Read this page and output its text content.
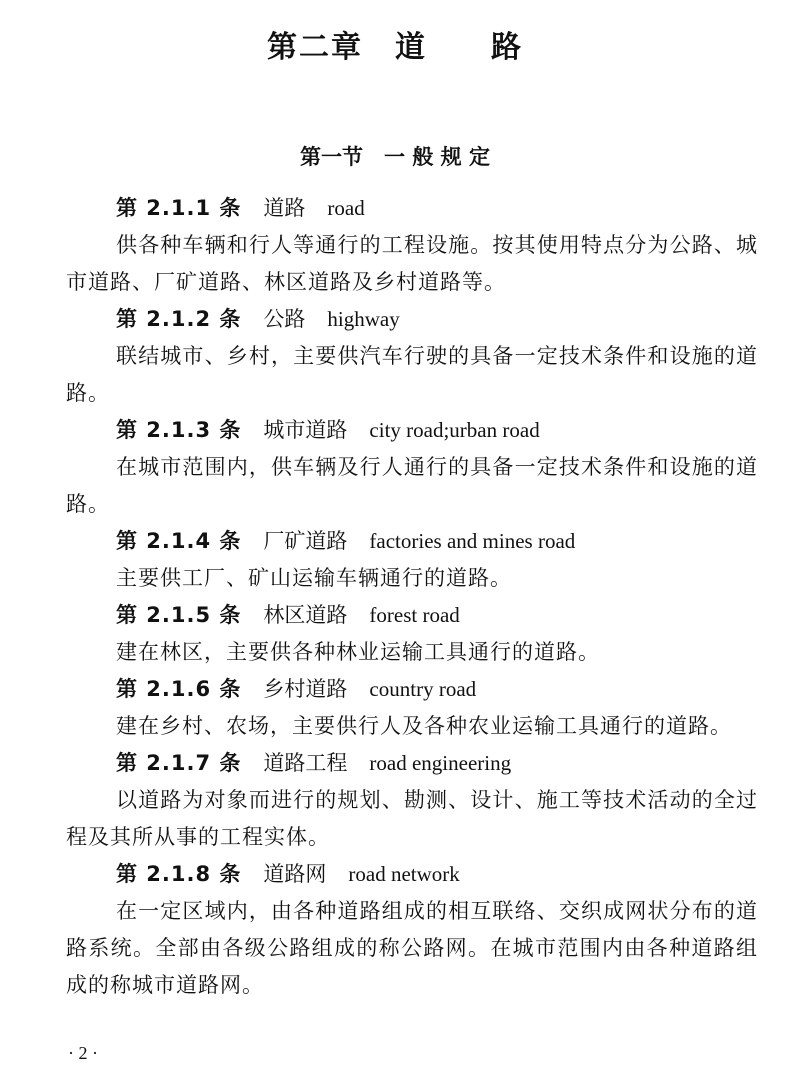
第二章　道　　路
第一节　一 般 规 定
第 2.1.1 条 道路 road

供各种车辆和行人等通行的工程设施。按其使用特点分为公路、城市道路、厂矿道路、林区道路及乡村道路等。

第 2.1.2 条 公路 highway

联结城市、乡村，主要供汽车行驶的具备一定技术条件和设施的道路。

第 2.1.3 条 城市道路 city road;urban road

在城市范围内，供车辆及行人通行的具备一定技术条件和设施的道路。

第 2.1.4 条 厂矿道路 factories and mines road

主要供工厂、矿山运输车辆通行的道路。

第 2.1.5 条 林区道路 forest road

建在林区，主要供各种林业运输工具通行的道路。

第 2.1.6 条 乡村道路 country road

建在乡村、农场，主要供行人及各种农业运输工具通行的道路。

第 2.1.7 条 道路工程 road engineering

以道路为对象而进行的规划、勘测、设计、施工等技术活动的全过程及其所从事的工程实体。

第 2.1.8 条 道路网 road network

在一定区域内，由各种道路组成的相互联络、交织成网状分布的道路系统。全部由各级公路组成的称公路网。在城市范围内由各种道路组成的称城市道路网。

· 2 ·
